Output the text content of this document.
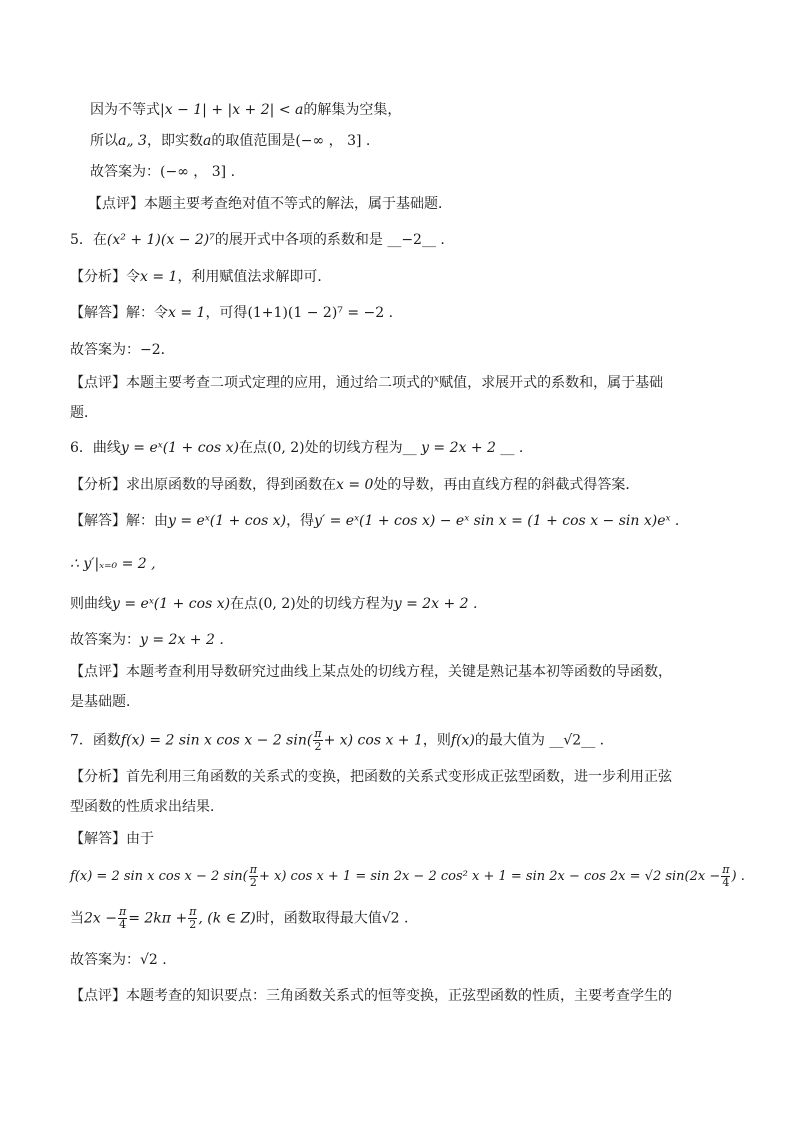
因为不等式|x − 1| + |x + 2| < a的解集为空集，
所以a„ 3，即实数a的取值范围是(−∞ ， 3] .
故答案为：(−∞ ， 3] .
【点评】本题主要考查绝对值不等式的解法，属于基础题．
5．在(x² + 1)(x − 2)⁷的展开式中各项的系数和是 __−2__ .
【分析】令x = 1，利用赋值法求解即可．
【解答】解：令x = 1，可得(1+1)(1 − 2)⁷ = −2 .
故答案为：−2．
【点评】本题主要考查二项式定理的应用，通过给二项式的$^x$赋值，求展开式的系数和，属于基础
题．
6．曲线y = eˣ(1 + cos x)在点(0, 2)处的切线方程为__ y = 2x + 2 __ .
【分析】求出原函数的导函数，得到函数在x = 0处的导数，再由直线方程的斜截式得答案．
【解答】解：由y = eˣ(1 + cos x)，得y′ = eˣ(1 + cos x) − eˣ sin x = (1 + cos x − sin x)eˣ .
∴ y′|ₓ₌₀ = 2 ,
则曲线y = eˣ(1 + cos x)在点(0, 2)处的切线方程为y = 2x + 2 .
故答案为：y = 2x + 2 .
【点评】本题考查利用导数研究过曲线上某点处的切线方程，关键是熟记基本初等函数的导函数，
是基础题．
7．函数f(x) = 2 sin x cos x − 2 $\sin( \frac{\pi}{2} + x)$ cos x + 1，则f(x)的最大值为 __√2__ .
【分析】首先利用三角函数的关系式的变换，把函数的关系式变形成正弦型函数，进一步利用正弦
型函数的性质求出结果．
【解答】由于
f(x) = 2 sin x cos x − 2 $\sin( \frac{\pi}{2} + x)$ cos x + 1 = sin 2x − 2 cos² x + 1 = sin 2x − cos 2x = √2 $\sin(2x - \frac{\pi}{4}$ ) .
当$2x - \frac{\pi}{4} = 2k\pi + \frac{\pi}{2}$ , (k ∈ Z)时，函数取得最大值√2 .
故答案为：√2 .
【点评】本题考查的知识要点：三角函数关系式的恒等变换，正弦型函数的性质，主要考查学生的
